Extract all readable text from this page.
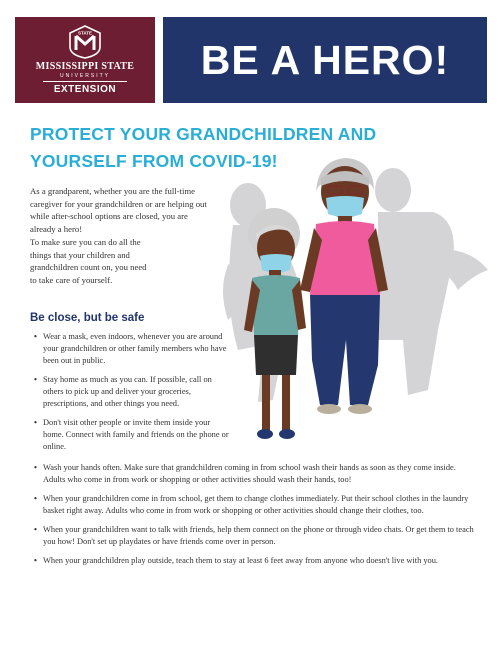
STATE
MISSISSIPPI STATE
UNIVERSITY
EXTENSION
BE A HERO!
PROTECT YOUR GRANDCHILDREN AND
YOURSELF FROM COVID-19!

As a grandparent, whether you are the full-time caregiver for your grandchildren or are helping out while after-school options are closed, you are already a hero!

To make sure you can do all the things that your children and grandchildren count on, you need to take care of yourself.

Be close, but be safe
• Wear a mask, even indoors, whenever you are around your grandchildren or other family members who have been out in public.
• Stay home as much as you can. If possible, call on others to pick up and deliver your groceries, prescriptions, and other things you need.
• Don't visit other people or invite them inside your home. Connect with family and friends on the phone or online.
• Wash your hands often. Make sure that grandchildren coming in from school wash their hands as soon as they come inside. Adults who come in from work or shopping or other activities should wash their hands, too!
• When your grandchildren come in from school, get them to change clothes immediately. Put their school clothes in the laundry basket right away. Adults who come in from work or shopping or other activities should change their clothes, too.
• When your grandchildren want to talk with friends, help them connect on the phone or through video chats. Or get them to teach you how! Don't set up playdates or have friends come over in person.
• When your grandchildren play outside, teach them to stay at least 6 feet away from anyone who doesn't live with you.
